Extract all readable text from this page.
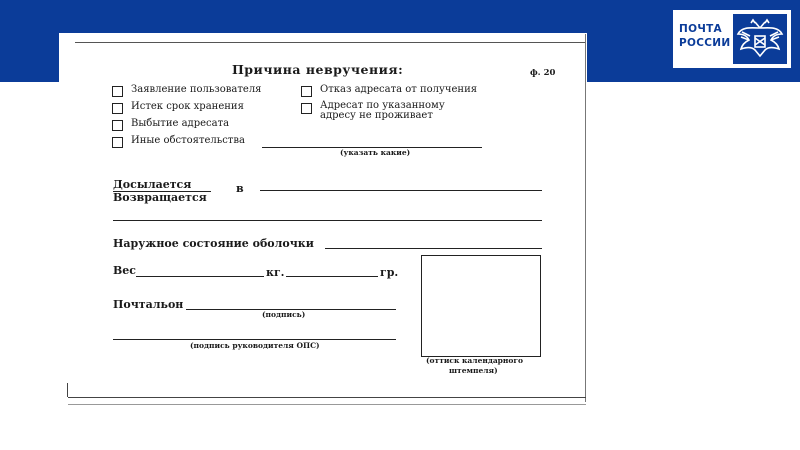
ПОЧТА
РОССИИ
Причина невручения:	ф. 20
Заявление пользователя
Истек срок хранения
Выбытие адресата
Иные обстоятельства
(указать какие)
Отказ адресата от получения
Адресат по указанному
адресу не проживает
Досылается
Возвращается
в
Наружное состояние оболочки
Вес	кг.	гр.
Почтальон
(подпись)
(подпись руководителя ОПС)
(оттиск календарного
штемпеля)
